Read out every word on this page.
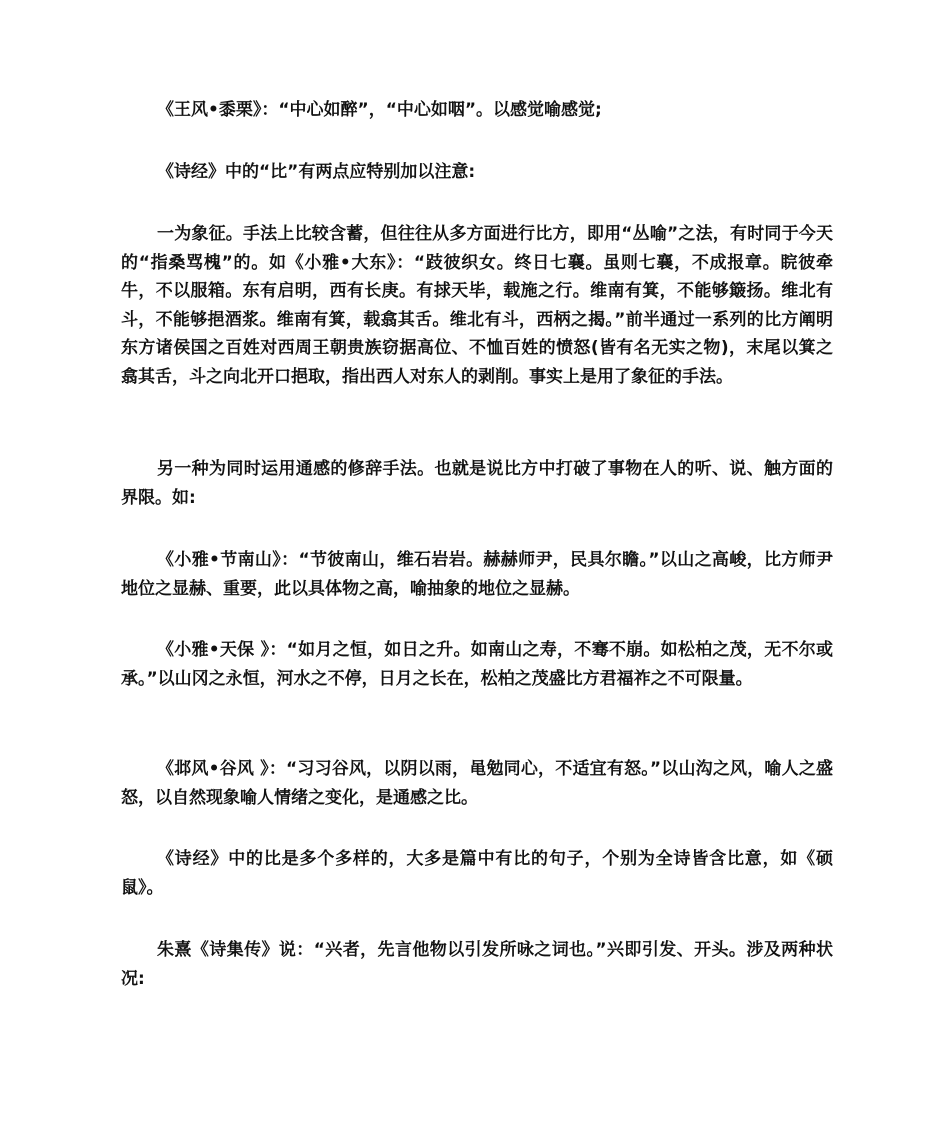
《王风•黍栗》：“中心如醉”，“中心如咽”。以感觉喻感觉;

《诗经》中的“比”有两点应特别加以注意:

一为象征。手法上比较含蓄，但往往从多方面进行比方，即用“丛喻”之法，有时同于今天的“指桑骂槐”的。如《小雅•大东》：“跂彼织女。终日七襄。虽则七襄，不成报章。睆彼牵牛，不以服箱。东有启明，西有长庚。有捄天毕，载施之行。维南有箕，不能够簸扬。维北有斗，不能够挹酒浆。维南有箕，载翕其舌。维北有斗，西柄之揭。”前半通过一系列的比方阐明东方诸侯国之百姓对西周王朝贵族窃据高位、不恤百姓的愤怒(皆有名无实之物)，末尾以箕之翕其舌，斗之向北开口挹取，指出西人对东人的剥削。事实上是用了象征的手法。

另一种为同时运用通感的修辞手法。也就是说比方中打破了事物在人的听、说、触方面的界限。如:

《小雅•节南山》：“节彼南山，维石岩岩。赫赫师尹，民具尔瞻。”以山之高峻，比方师尹地位之显赫、重要，此以具体物之高，喻抽象的地位之显赫。

《小雅•天保 》：“如月之恒，如日之升。如南山之寿，不骞不崩。如松柏之茂，无不尔或承。”以山冈之永恒，河水之不停，日月之长在，松柏之茂盛比方君福祚之不可限量。

《邶风•谷风 》：“习习谷风，以阴以雨，黾勉同心，不适宜有怒。”以山沟之风，喻人之盛怒，以自然现象喻人情绪之变化，是通感之比。

《诗经》中的比是多个多样的，大多是篇中有比的句子，个别为全诗皆含比意，如《硕鼠》。

朱熹《诗集传》说：“兴者，先言他物以引发所咏之词也。”兴即引发、开头。涉及两种状况:
